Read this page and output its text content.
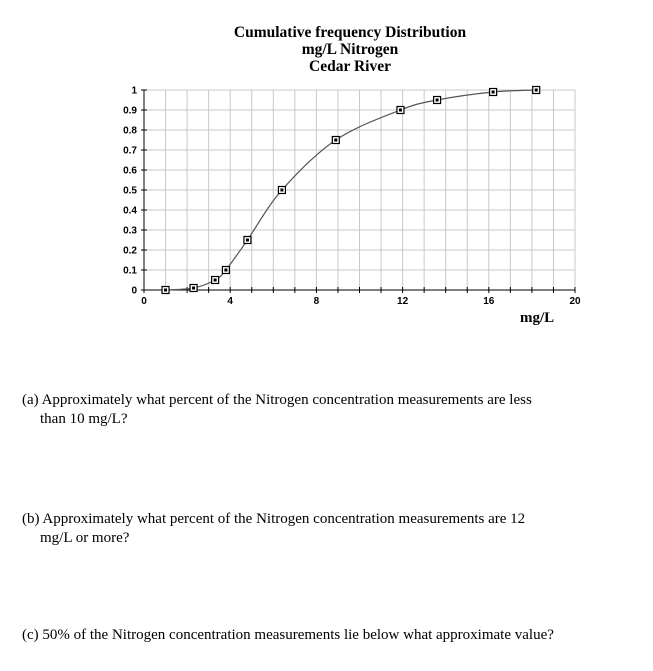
Cumulative frequency Distribution
mg/L Nitrogen
Cedar River
0
0.1
0.2
0.3
0.4
0.5
0.6
0.7
0.8
0.9
1
0	4	8	12	16	20
mg/L
(a) Approximately what percent of the Nitrogen concentration measurements are less
than 10 mg/L?
(b) Approximately what percent of the Nitrogen concentration measurements are 12
mg/L or more?
(c) 50% of the Nitrogen concentration measurements lie below what approximate value?
